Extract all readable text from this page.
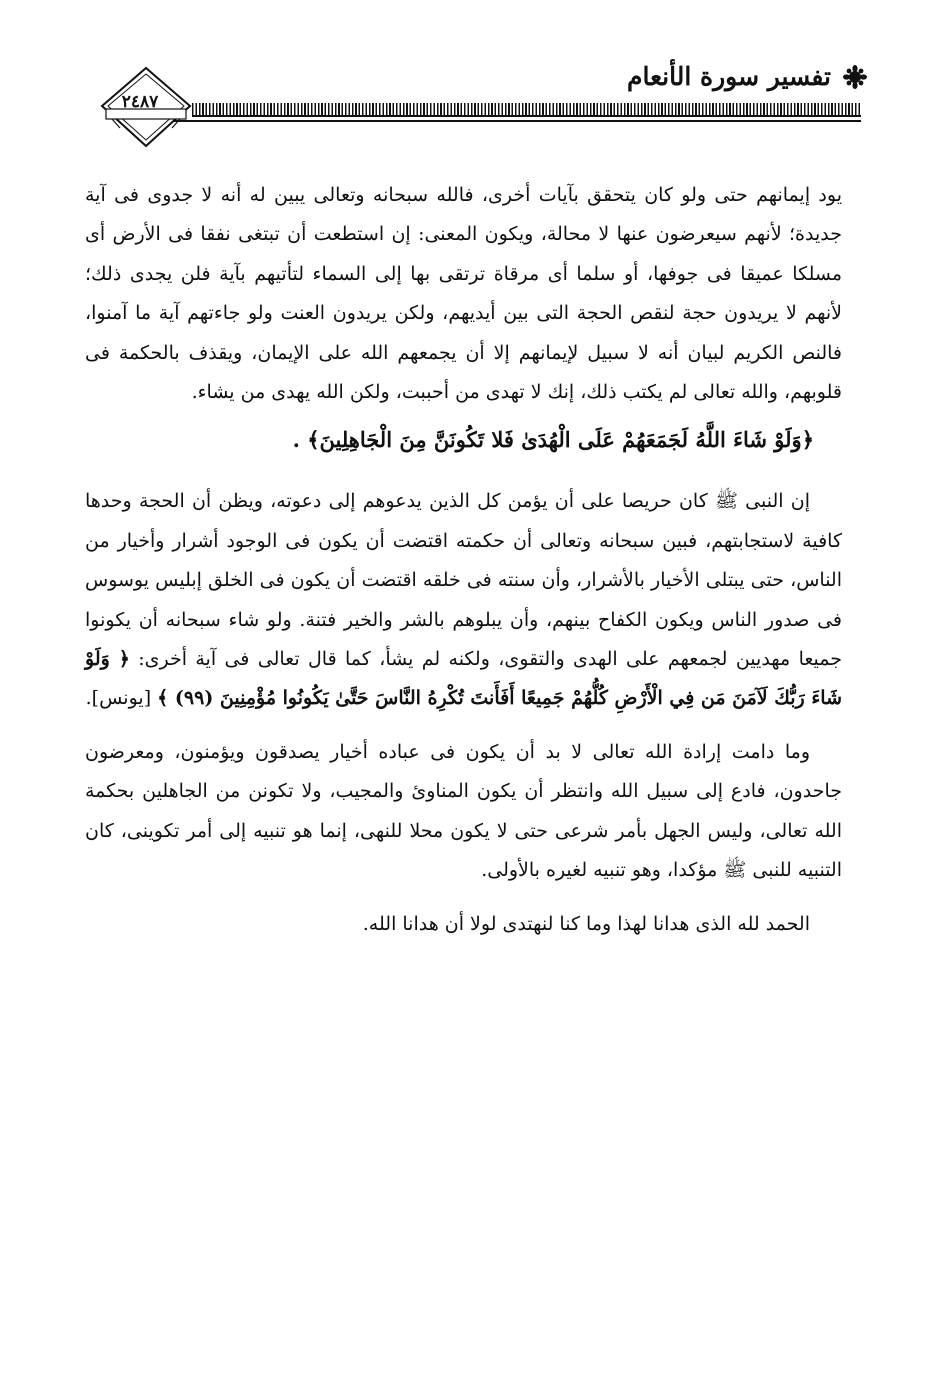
تفسير سورة الأنعام
٢٤٨٧

يود إيمانهم حتى ولو كان يتحقق بآيات أخرى، فالله سبحانه وتعالى يبين له أنه لا جدوى فى آية جديدة؛ لأنهم سيعرضون عنها لا محالة، ويكون المعنى: إن استطعت أن تبتغى نفقا فى الأرض أى مسلكا عميقا فى جوفها، أو سلما أى مرقاة ترتقى بها إلى السماء لتأتيهم بآية فلن يجدى ذلك؛ لأنهم لا يريدون حجة لنقص الحجة التى بين أيديهم، ولكن يريدون العنت ولو جاءتهم آية ما آمنوا، فالنص الكريم لبيان أنه لا سبيل لإيمانهم إلا أن يجمعهم الله على الإيمان، ويقذف بالحكمة فى قلوبهم، والله تعالى لم يكتب ذلك، إنك لا تهدى من أحببت، ولكن الله يهدى من يشاء.

﴿وَلَوْ شَاءَ اللَّهُ لَجَمَعَهُمْ عَلَى الْهُدَىٰ فَلا تَكُونَنَّ مِنَ الْجَاهِلِينَ﴾ .

إن النبى ﷺ كان حريصا على أن يؤمن كل الذين يدعوهم إلى دعوته، ويظن أن الحجة وحدها كافية لاستجابتهم، فبين سبحانه وتعالى أن حكمته اقتضت أن يكون فى الوجود أشرار وأخيار من الناس، حتى يبتلى الأخيار بالأشرار، وأن سنته فى خلقه اقتضت أن يكون فى الخلق إبليس يوسوس فى صدور الناس ويكون الكفاح بينهم، وأن يبلوهم بالشر والخير فتنة. ولو شاء سبحانه أن يكونوا جميعا مهديين لجمعهم على الهدى والتقوى، ولكنه لم يشأ، كما قال تعالى فى آية أخرى: ﴿ وَلَوْ شَاءَ رَبُّكَ لَآمَنَ مَن فِي الْأَرْضِ كُلُّهُمْ جَمِيعًا أَفَأَنتَ تُكْرِهُ النَّاسَ حَتَّىٰ يَكُونُوا مُؤْمِنِينَ (٩٩) ﴾ [يونس].

وما دامت إرادة الله تعالى لا بد أن يكون فى عباده أخيار يصدقون ويؤمنون، ومعرضون جاحدون، فادع إلى سبيل الله وانتظر أن يكون المناوئ والمجيب، ولا تكونن من الجاهلين بحكمة الله تعالى، وليس الجهل بأمر شرعى حتى لا يكون محلا للنهى، إنما هو تنبيه إلى أمر تكوينى، كان التنبيه للنبى ﷺ مؤكدا، وهو تنبيه لغيره بالأولى.

الحمد لله الذى هدانا لهذا وما كنا لنهتدى لولا أن هدانا الله.
